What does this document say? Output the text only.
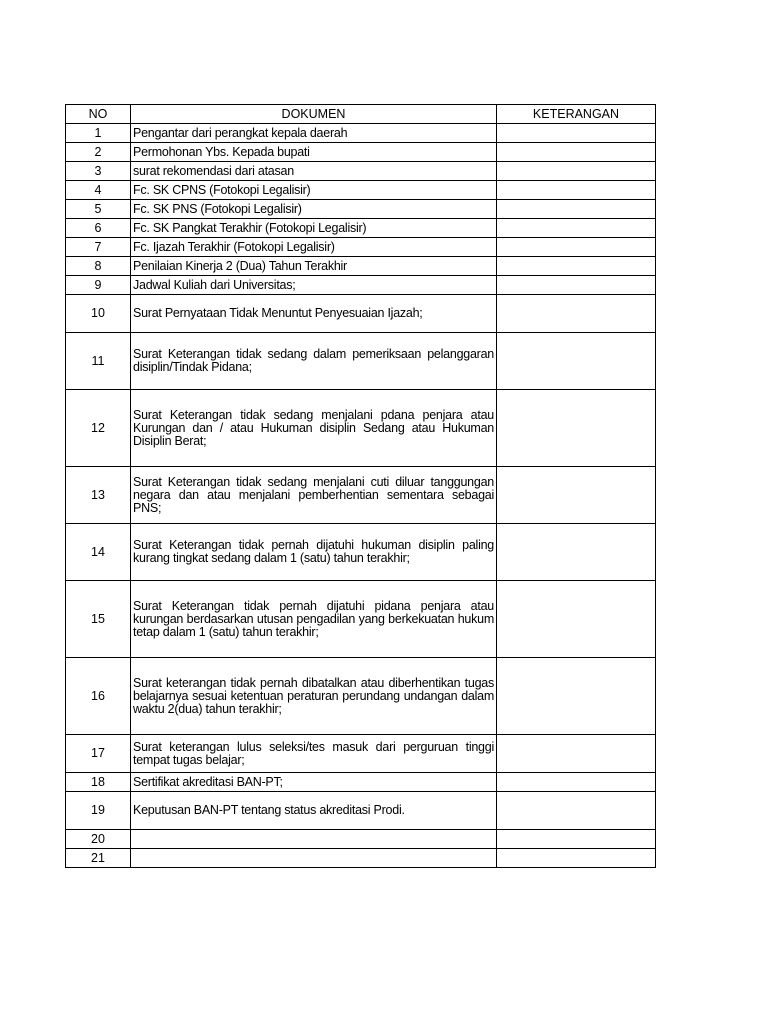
NO	DOKUMEN	KETERANGAN
1	Pengantar dari perangkat kepala daerah	
2	Permohonan Ybs. Kepada bupati	
3	surat rekomendasi dari atasan	
4	Fc. SK CPNS (Fotokopi Legalisir)	
5	Fc. SK PNS (Fotokopi Legalisir)	
6	Fc. SK Pangkat Terakhir (Fotokopi Legalisir)	
7	Fc. Ijazah Terakhir (Fotokopi Legalisir)	
8	Penilaian Kinerja 2 (Dua) Tahun Terakhir	
9	Jadwal Kuliah dari Universitas;	
10	Surat Pernyataan Tidak Menuntut Penyesuaian Ijazah;	
11	Surat Keterangan tidak sedang dalam pemeriksaan pelanggaran disiplin/Tindak Pidana;	
12	Surat Keterangan tidak sedang menjalani pdana penjara atau Kurungan dan / atau Hukuman disiplin Sedang atau Hukuman Disiplin Berat;	
13	Surat Keterangan tidak sedang menjalani cuti diluar tanggungan negara dan atau menjalani pemberhentian sementara sebagai PNS;	
14	Surat Keterangan tidak pernah dijatuhi hukuman disiplin paling kurang tingkat sedang dalam 1 (satu) tahun terakhir;	
15	Surat Keterangan tidak pernah dijatuhi pidana penjara atau kurungan berdasarkan utusan pengadilan yang berkekuatan hukum tetap dalam 1 (satu) tahun terakhir;	
16	Surat keterangan tidak pernah dibatalkan atau diberhentikan tugas belajarnya sesuai ketentuan peraturan perundang undangan dalam waktu 2(dua) tahun terakhir;	
17	Surat keterangan lulus seleksi/tes masuk dari perguruan tinggi tempat tugas belajar;	
18	Sertifikat akreditasi BAN-PT;	
19	Keputusan BAN-PT tentang status akreditasi Prodi.	
20		
21		
